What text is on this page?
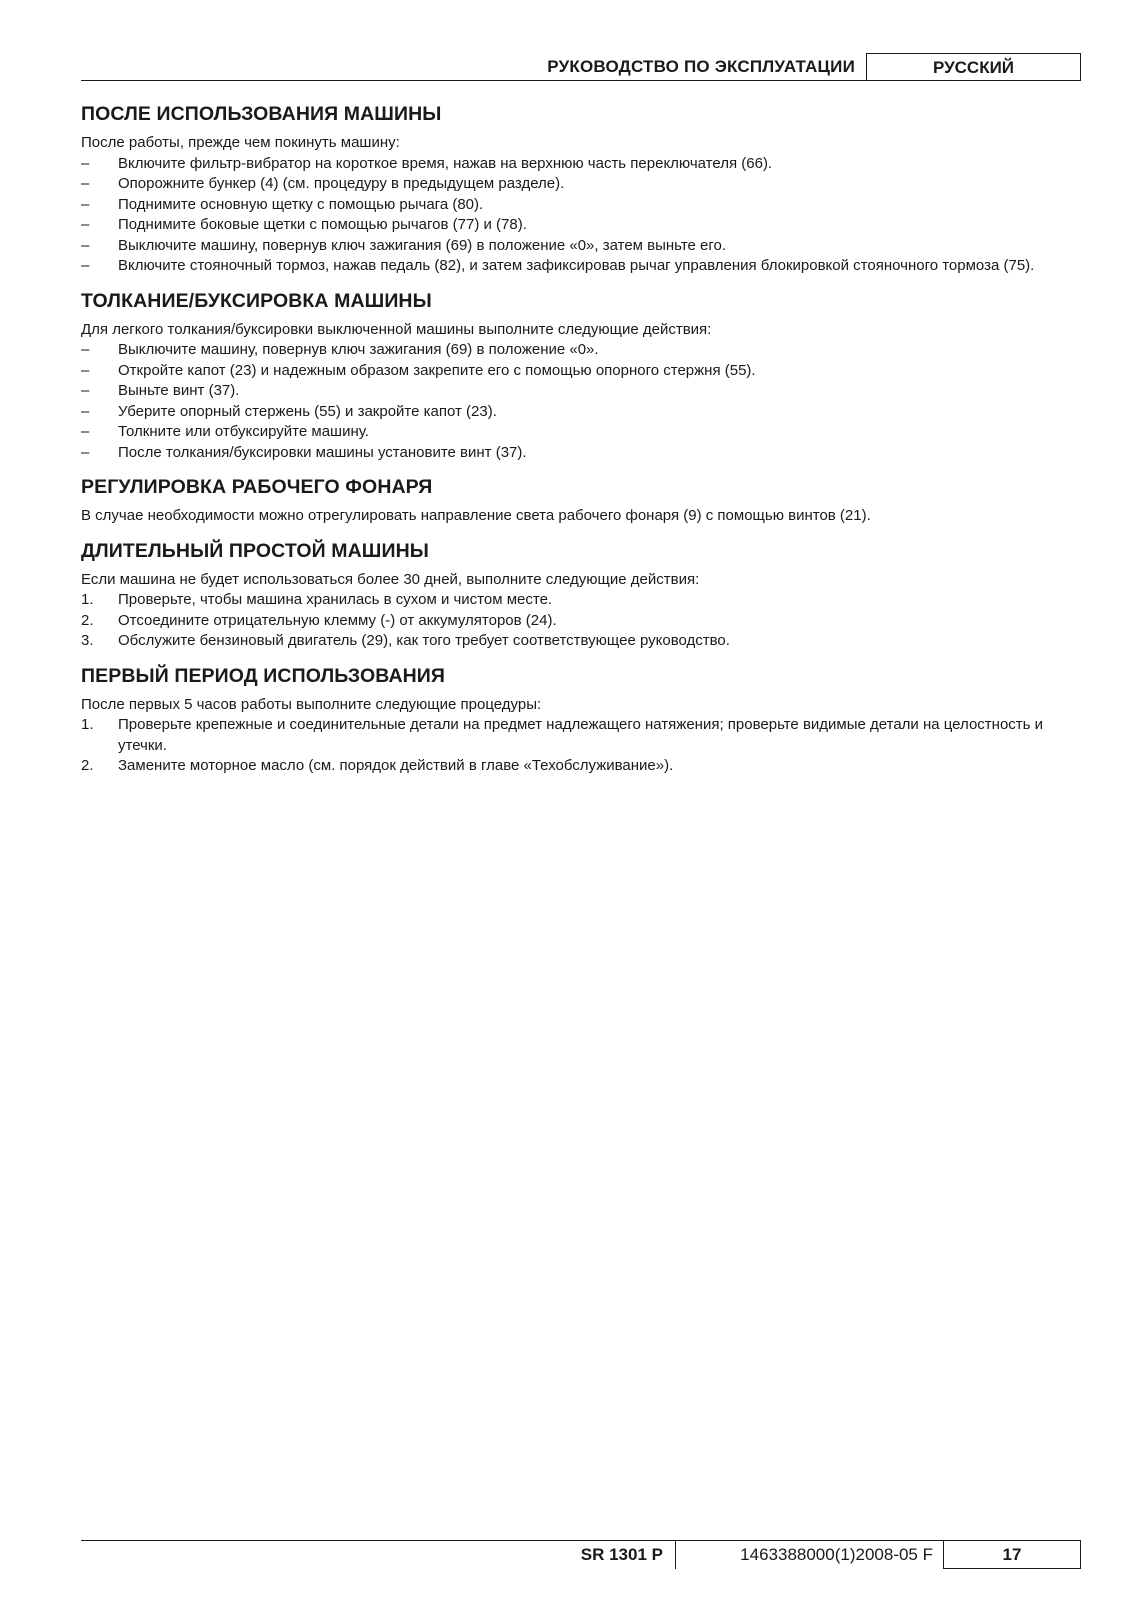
РУКОВОДСТВО ПО ЭКСПЛУАТАЦИИ	РУССКИЙ
ПОСЛЕ ИСПОЛЬЗОВАНИЯ МАШИНЫ

После работы, прежде чем покинуть машину:

– Включите фильтр-вибратор на короткое время, нажав на верхнюю часть переключателя (66).
– Опорожните бункер (4) (см. процедуру в предыдущем разделе).
– Поднимите основную щетку с помощью рычага (80).
– Поднимите боковые щетки с помощью рычагов (77) и (78).
– Выключите машину, повернув ключ зажигания (69) в положение «0», затем выньте его.
– Включите стояночный тормоз, нажав педаль (82), и затем зафиксировав рычаг управления блокировкой стояночного тормоза (75).
ТОЛКАНИЕ/БУКСИРОВКА МАШИНЫ

Для легкого толкания/буксировки выключенной машины выполните следующие действия:

– Выключите машину, повернув ключ зажигания (69) в положение «0».
– Откройте капот (23) и надежным образом закрепите его с помощью опорного стержня (55).
– Выньте винт (37).
– Уберите опорный стержень (55) и закройте капот (23).
– Толкните или отбуксируйте машину.
– После толкания/буксировки машины установите винт (37).
РЕГУЛИРОВКА РАБОЧЕГО ФОНАРЯ

В случае необходимости можно отрегулировать направление света рабочего фонаря (9) с помощью винтов (21).

ДЛИТЕЛЬНЫЙ ПРОСТОЙ МАШИНЫ

Если машина не будет использоваться более 30 дней, выполните следующие действия:

1. Проверьте, чтобы машина хранилась в сухом и чистом месте.
2. Отсоедините отрицательную клемму (-) от аккумуляторов (24).
3. Обслужите бензиновый двигатель (29), как того требует соответствующее руководство.
ПЕРВЫЙ ПЕРИОД ИСПОЛЬЗОВАНИЯ

После первых 5 часов работы выполните следующие процедуры:

1. Проверьте крепежные и соединительные детали на предмет надлежащего натяжения; проверьте видимые детали на целостность и утечки.
2. Замените моторное масло (см. порядок действий в главе «Техобслуживание»).
SR 1301 P	1463388000(1)2008-05 F	17
